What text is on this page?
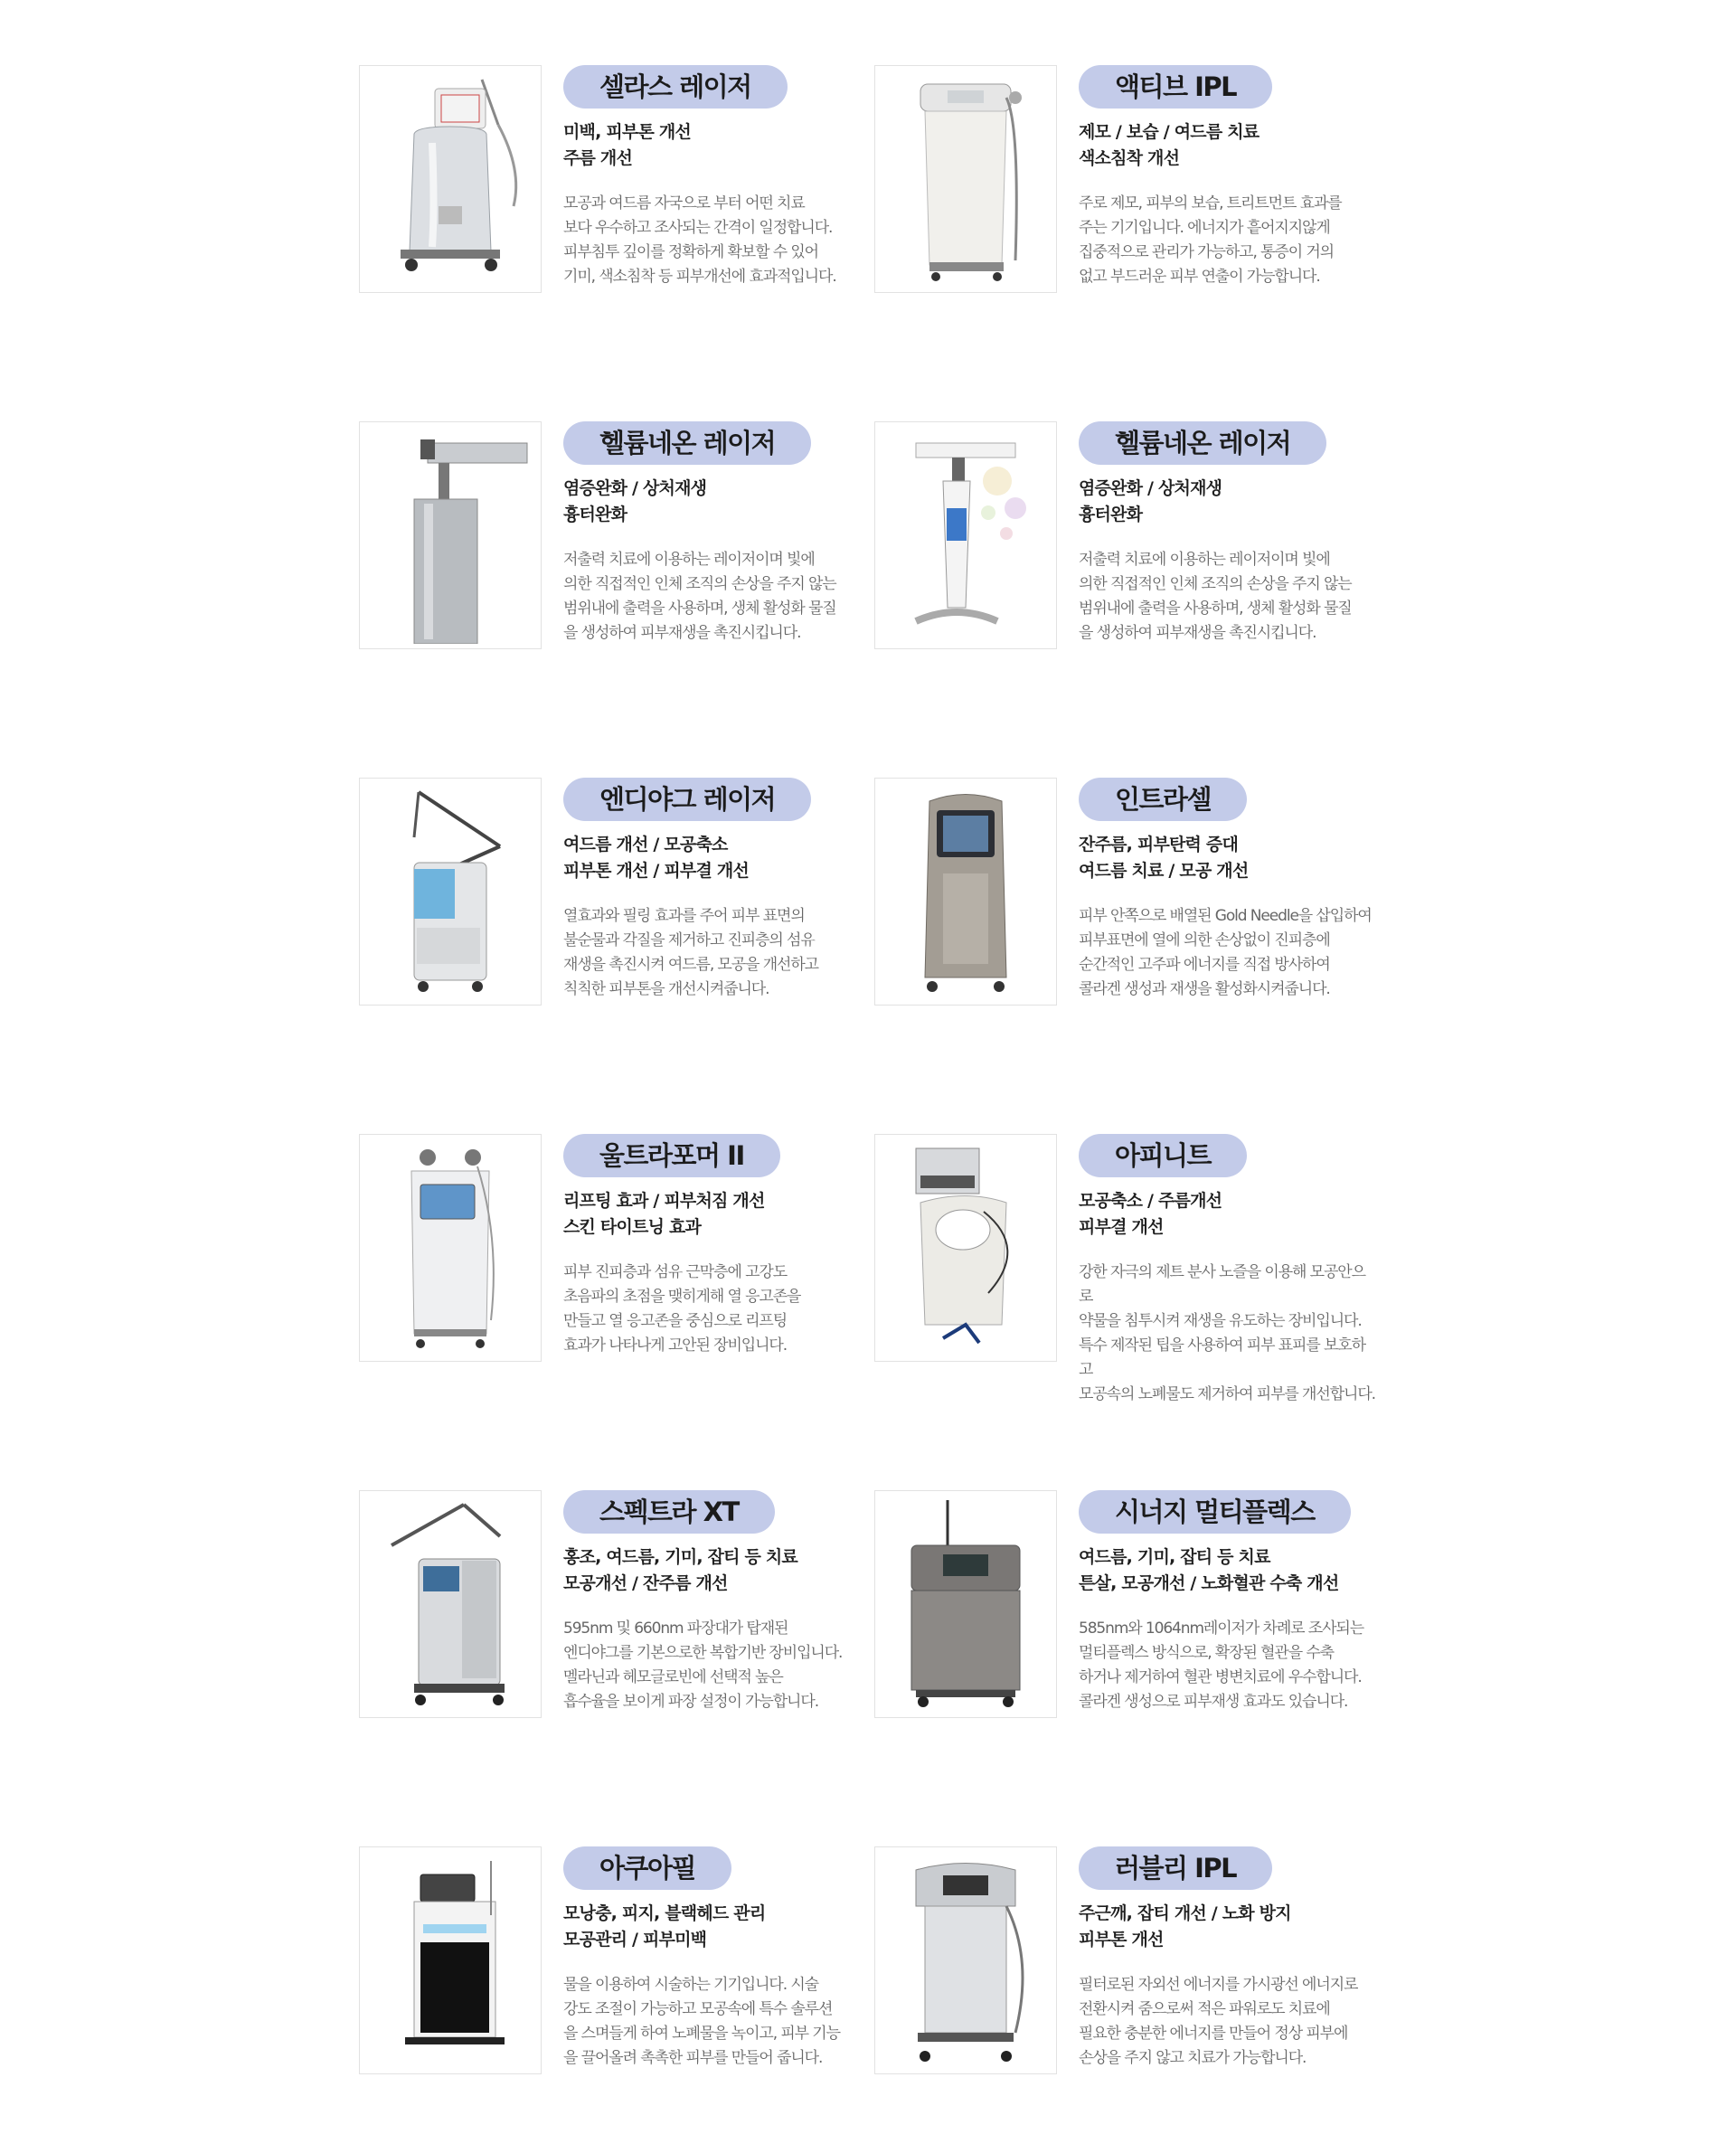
셀라스 레이저
미백, 피부톤 개선
주름 개선
모공과 여드름 자국으로 부터 어떤 치료
보다 우수하고 조사되는 간격이 일정합니다.
피부침투 깊이를 정확하게 확보할 수 있어
기미, 색소침착 등 피부개선에 효과적입니다.
액티브 IPL
제모 / 보습 / 여드름 치료
색소침착 개선
주로 제모, 피부의 보습, 트리트먼트 효과를
주는 기기입니다. 에너지가 흩어지지않게
집중적으로 관리가 가능하고, 통증이 거의
없고 부드러운 피부 연출이 가능합니다.
헬륨네온 레이저
염증완화 / 상처재생
흉터완화
저출력 치료에 이용하는 레이저이며 빛에
의한 직접적인 인체 조직의 손상을 주지 않는
범위내에 출력을 사용하며, 생체 활성화 물질
을 생성하여 피부재생을 촉진시킵니다.
헬륨네온 레이저
염증완화 / 상처재생
흉터완화
저출력 치료에 이용하는 레이저이며 빛에
의한 직접적인 인체 조직의 손상을 주지 않는
범위내에 출력을 사용하며, 생체 활성화 물질
을 생성하여 피부재생을 촉진시킵니다.
엔디야그 레이저
여드름 개선 / 모공축소
피부톤 개선 / 피부결 개선
열효과와 필링 효과를 주어 피부 표면의
불순물과 각질을 제거하고 진피층의 섬유
재생을 촉진시켜 여드름, 모공을 개선하고
칙칙한 피부톤을 개선시켜줍니다.
인트라셀
잔주름, 피부탄력 증대
여드름 치료 / 모공 개선
피부 안쪽으로 배열된 Gold Needle을 삽입하여
피부표면에 열에 의한 손상없이 진피층에
순간적인 고주파 에너지를 직접 방사하여
콜라겐 생성과 재생을 활성화시켜줍니다.
울트라포머 II
리프팅 효과 / 피부처짐 개선
스킨 타이트닝 효과
피부 진피층과 섬유 근막층에 고강도
초음파의 초점을 맺히게해 열 응고존을
만들고 열 응고존을 중심으로 리프팅
효과가 나타나게 고안된 장비입니다.
아피니트
모공축소 / 주름개선
피부결 개선
강한 자극의 제트 분사 노즐을 이용해 모공안으로
약물을 침투시켜 재생을 유도하는 장비입니다.
특수 제작된 팁을 사용하여 피부 표피를 보호하고
모공속의 노폐물도 제거하여 피부를 개선합니다.
스펙트라 XT
홍조, 여드름, 기미, 잡티 등 치료
모공개선 / 잔주름 개선
595nm 및 660nm 파장대가 탑재된
엔디야그를 기본으로한 복합기반 장비입니다.
멜라닌과 헤모글로빈에 선택적 높은
흡수율을 보이게 파장 설정이 가능합니다.
시너지 멀티플렉스
여드름, 기미, 잡티 등 치료
튼살, 모공개선 / 노화혈관 수축 개선
585nm와 1064nm레이저가 차례로 조사되는
멀티플렉스 방식으로, 확장된 혈관을 수축
하거나 제거하여 혈관 병변치료에 우수합니다.
콜라겐 생성으로 피부재생 효과도 있습니다.
아쿠아필
모낭충, 피지, 블랙헤드 관리
모공관리 / 피부미백
물을 이용하여 시술하는 기기입니다. 시술
강도 조절이 가능하고 모공속에 특수 솔루션
을 스며들게 하여 노폐물을 녹이고, 피부 기능
을 끌어올려 촉촉한 피부를 만들어 줍니다.
러블리 IPL
주근깨, 잡티 개선 / 노화 방지
피부톤 개선
필터로된 자외선 에너지를 가시광선 에너지로
전환시켜 줌으로써 적은 파워로도 치료에
필요한 충분한 에너지를 만들어 정상 피부에
손상을 주지 않고 치료가 가능합니다.
